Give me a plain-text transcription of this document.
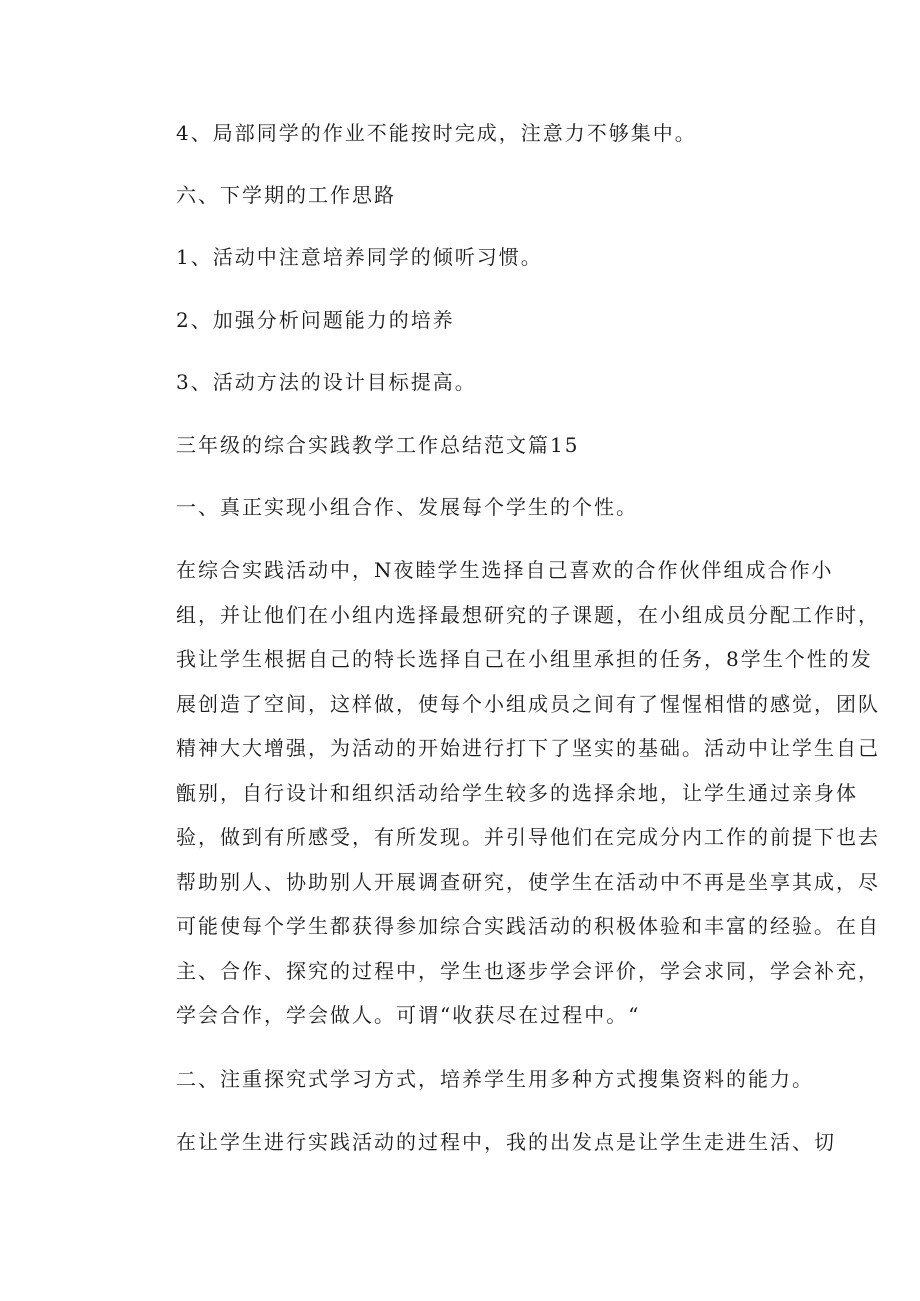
4、局部同学的作业不能按时完成，注意力不够集中。
六、下学期的工作思路
1、活动中注意培养同学的倾听习惯。
2、加强分析问题能力的培养
3、活动方法的设计目标提高。
三年级的综合实践教学工作总结范文篇15
一、真正实现小组合作、发展每个学生的个性。
在综合实践活动中，N夜睦学生选择自己喜欢的合作伙伴组成合作小
组，并让他们在小组内选择最想研究的子课题，在小组成员分配工作时，
我让学生根据自己的特长选择自己在小组里承担的任务，8学生个性的发
展创造了空间，这样做，使每个小组成员之间有了惺惺相惜的感觉，团队
精神大大增强，为活动的开始进行打下了坚实的基础。活动中让学生自己
甑别，自行设计和组织活动给学生较多的选择余地，让学生通过亲身体
验，做到有所感受，有所发现。并引导他们在完成分内工作的前提下也去
帮助别人、协助别人开展调查研究，使学生在活动中不再是坐享其成，尽
可能使每个学生都获得参加综合实践活动的积极体验和丰富的经验。在自
主、合作、探究的过程中，学生也逐步学会评价，学会求同，学会补充，
学会合作，学会做人。可谓“收获尽在过程中。“
二、注重探究式学习方式，培养学生用多种方式搜集资料的能力。
在让学生进行实践活动的过程中，我的出发点是让学生走进生活、切
